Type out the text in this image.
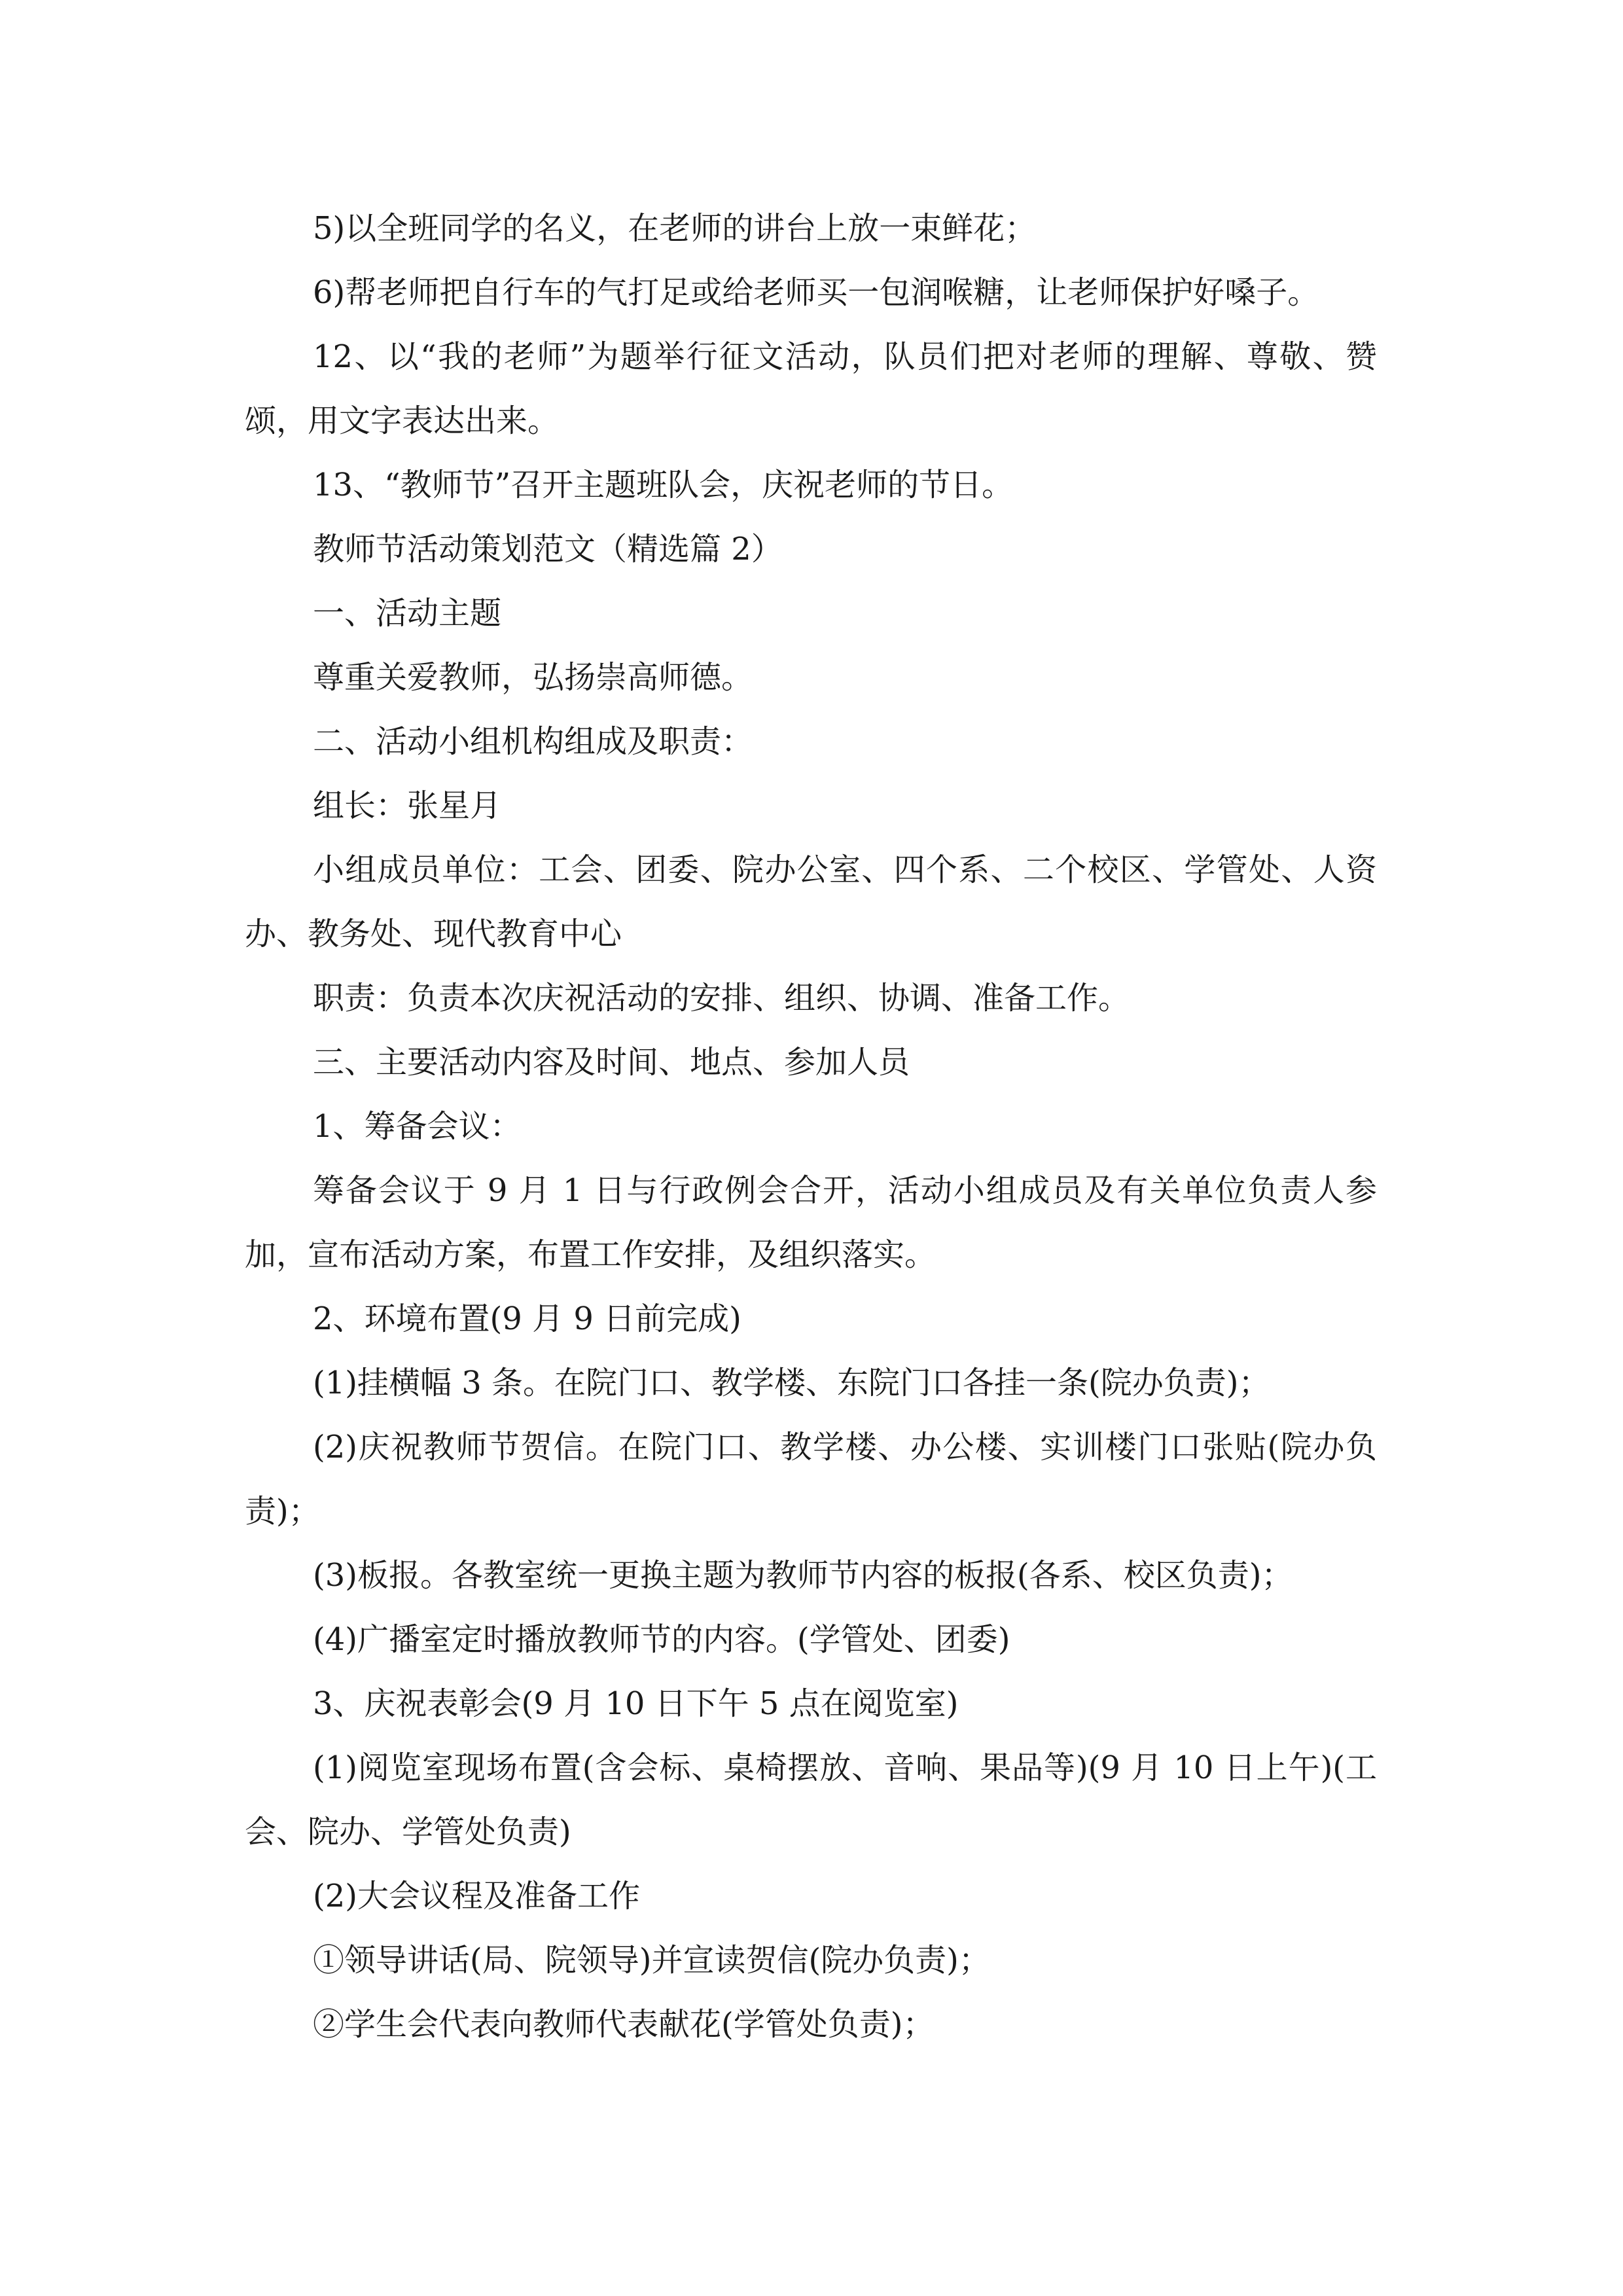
5)以全班同学的名义，在老师的讲台上放一束鲜花；

6)帮老师把自行车的气打足或给老师买一包润喉糖，让老师保护好嗓子。

12、以“我的老师”为题举行征文活动，队员们把对老师的理解、尊敬、赞颂，用文字表达出来。

13、“教师节”召开主题班队会，庆祝老师的节日。

教师节活动策划范文（精选篇 2）

一、活动主题

尊重关爱教师，弘扬崇高师德。

二、活动小组机构组成及职责：

组长：张星月

小组成员单位：工会、团委、院办公室、四个系、二个校区、学管处、人资办、教务处、现代教育中心

职责：负责本次庆祝活动的安排、组织、协调、准备工作。

三、主要活动内容及时间、地点、参加人员

1、筹备会议：

筹备会议于 9 月 1 日与行政例会合开，活动小组成员及有关单位负责人参加，宣布活动方案，布置工作安排，及组织落实。

2、环境布置(9 月 9 日前完成)

(1)挂横幅 3 条。在院门口、教学楼、东院门口各挂一条(院办负责)；

(2)庆祝教师节贺信。在院门口、教学楼、办公楼、实训楼门口张贴(院办负责)；

(3)板报。各教室统一更换主题为教师节内容的板报(各系、校区负责)；

(4)广播室定时播放教师节的内容。(学管处、团委)

3、庆祝表彰会(9 月 10 日下午 5 点在阅览室)

(1)阅览室现场布置(含会标、桌椅摆放、音响、果品等)(9 月 10 日上午)(工会、院办、学管处负责)

(2)大会议程及准备工作

①领导讲话(局、院领导)并宣读贺信(院办负责)；

②学生会代表向教师代表献花(学管处负责)；
